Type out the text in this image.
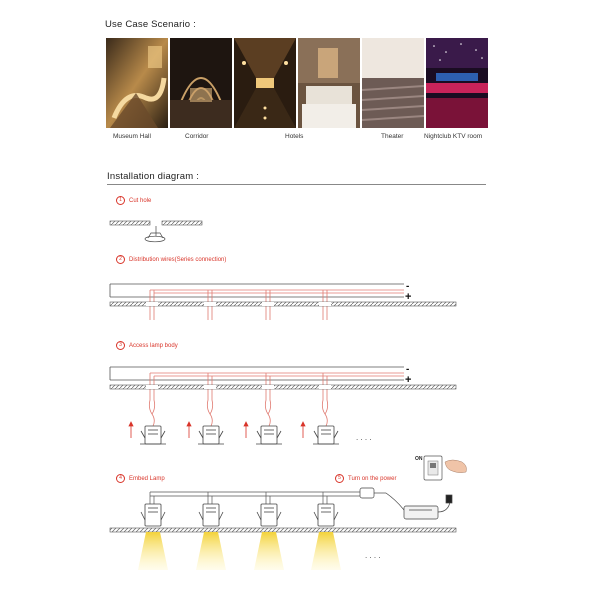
Use Case Scenario :
Museum Hall	Corridor	Hotels	Theater	Nightclub KTV room
Installation diagram :
1 Cut hole
2 Distribution wires(Series connection)
3 Access lamp body
4 Embed Lamp	5 Turn on the power
-
+
-
+
. . . .
. . . .
ON
